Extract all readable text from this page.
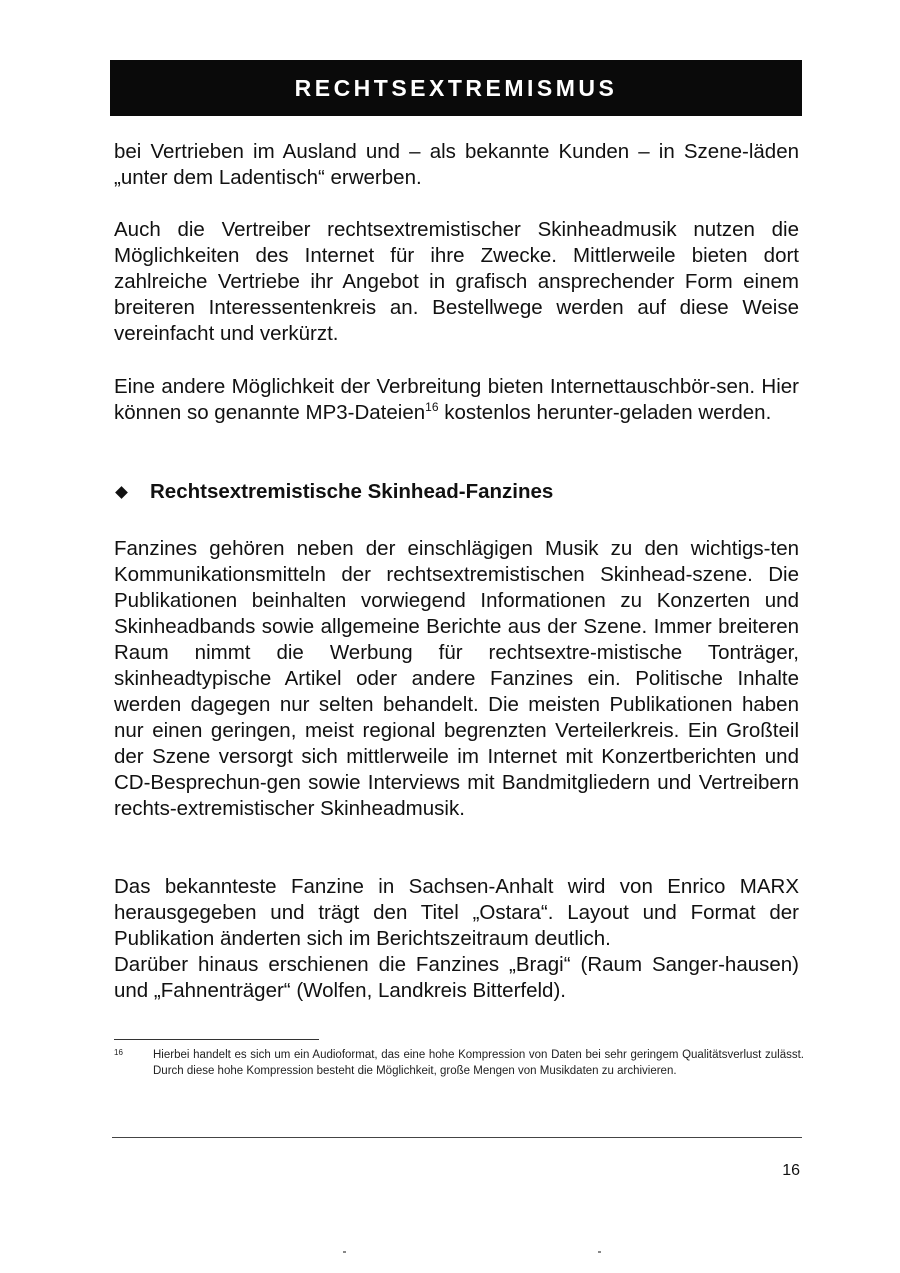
RECHTSEXTREMISMUS

bei Vertrieben im Ausland und – als bekannte Kunden – in Szene-läden „unter dem Ladentisch“ erwerben.

Auch die Vertreiber rechtsextremistischer Skinheadmusik nutzen die Möglichkeiten des Internet für ihre Zwecke. Mittlerweile bieten dort zahlreiche Vertriebe ihr Angebot in grafisch ansprechender Form einem breiteren Interessentenkreis an. Bestellwege werden auf diese Weise vereinfacht und verkürzt.

Eine andere Möglichkeit der Verbreitung bieten Internettauschbör-sen. Hier können so genannte MP3-Dateien$^{16}$ kostenlos herunter-geladen werden.

Rechtsextremistische Skinhead-Fanzines

Fanzines gehören neben der einschlägigen Musik zu den wichtigs-ten Kommunikationsmitteln der rechtsextremistischen Skinhead-szene. Die Publikationen beinhalten vorwiegend Informationen zu Konzerten und Skinheadbands sowie allgemeine Berichte aus der Szene. Immer breiteren Raum nimmt die Werbung für rechtsextre-mistische Tonträger, skinheadtypische Artikel oder andere Fanzines ein. Politische Inhalte werden dagegen nur selten behandelt. Die meisten Publikationen haben nur einen geringen, meist regional begrenzten Verteilerkreis. Ein Großteil der Szene versorgt sich mittlerweile im Internet mit Konzertberichten und CD-Besprechun-gen sowie Interviews mit Bandmitgliedern und Vertreibern rechts-extremistischer Skinheadmusik.

Das bekannteste Fanzine in Sachsen-Anhalt wird von Enrico MARX herausgegeben und trägt den Titel „Ostara“. Layout und Format der Publikation änderten sich im Berichtszeitraum deutlich.

Darüber hinaus erschienen die Fanzines „Bragi“ (Raum Sanger-hausen) und „Fahnenträger“ (Wolfen, Landkreis Bitterfeld).

16	Hierbei handelt es sich um ein Audioformat, das eine hohe Kompression von Daten bei sehr geringem Qualitätsverlust zulässt. Durch diese hohe Kompression besteht die Möglichkeit, große Mengen von Musikdaten zu archivieren.
16
